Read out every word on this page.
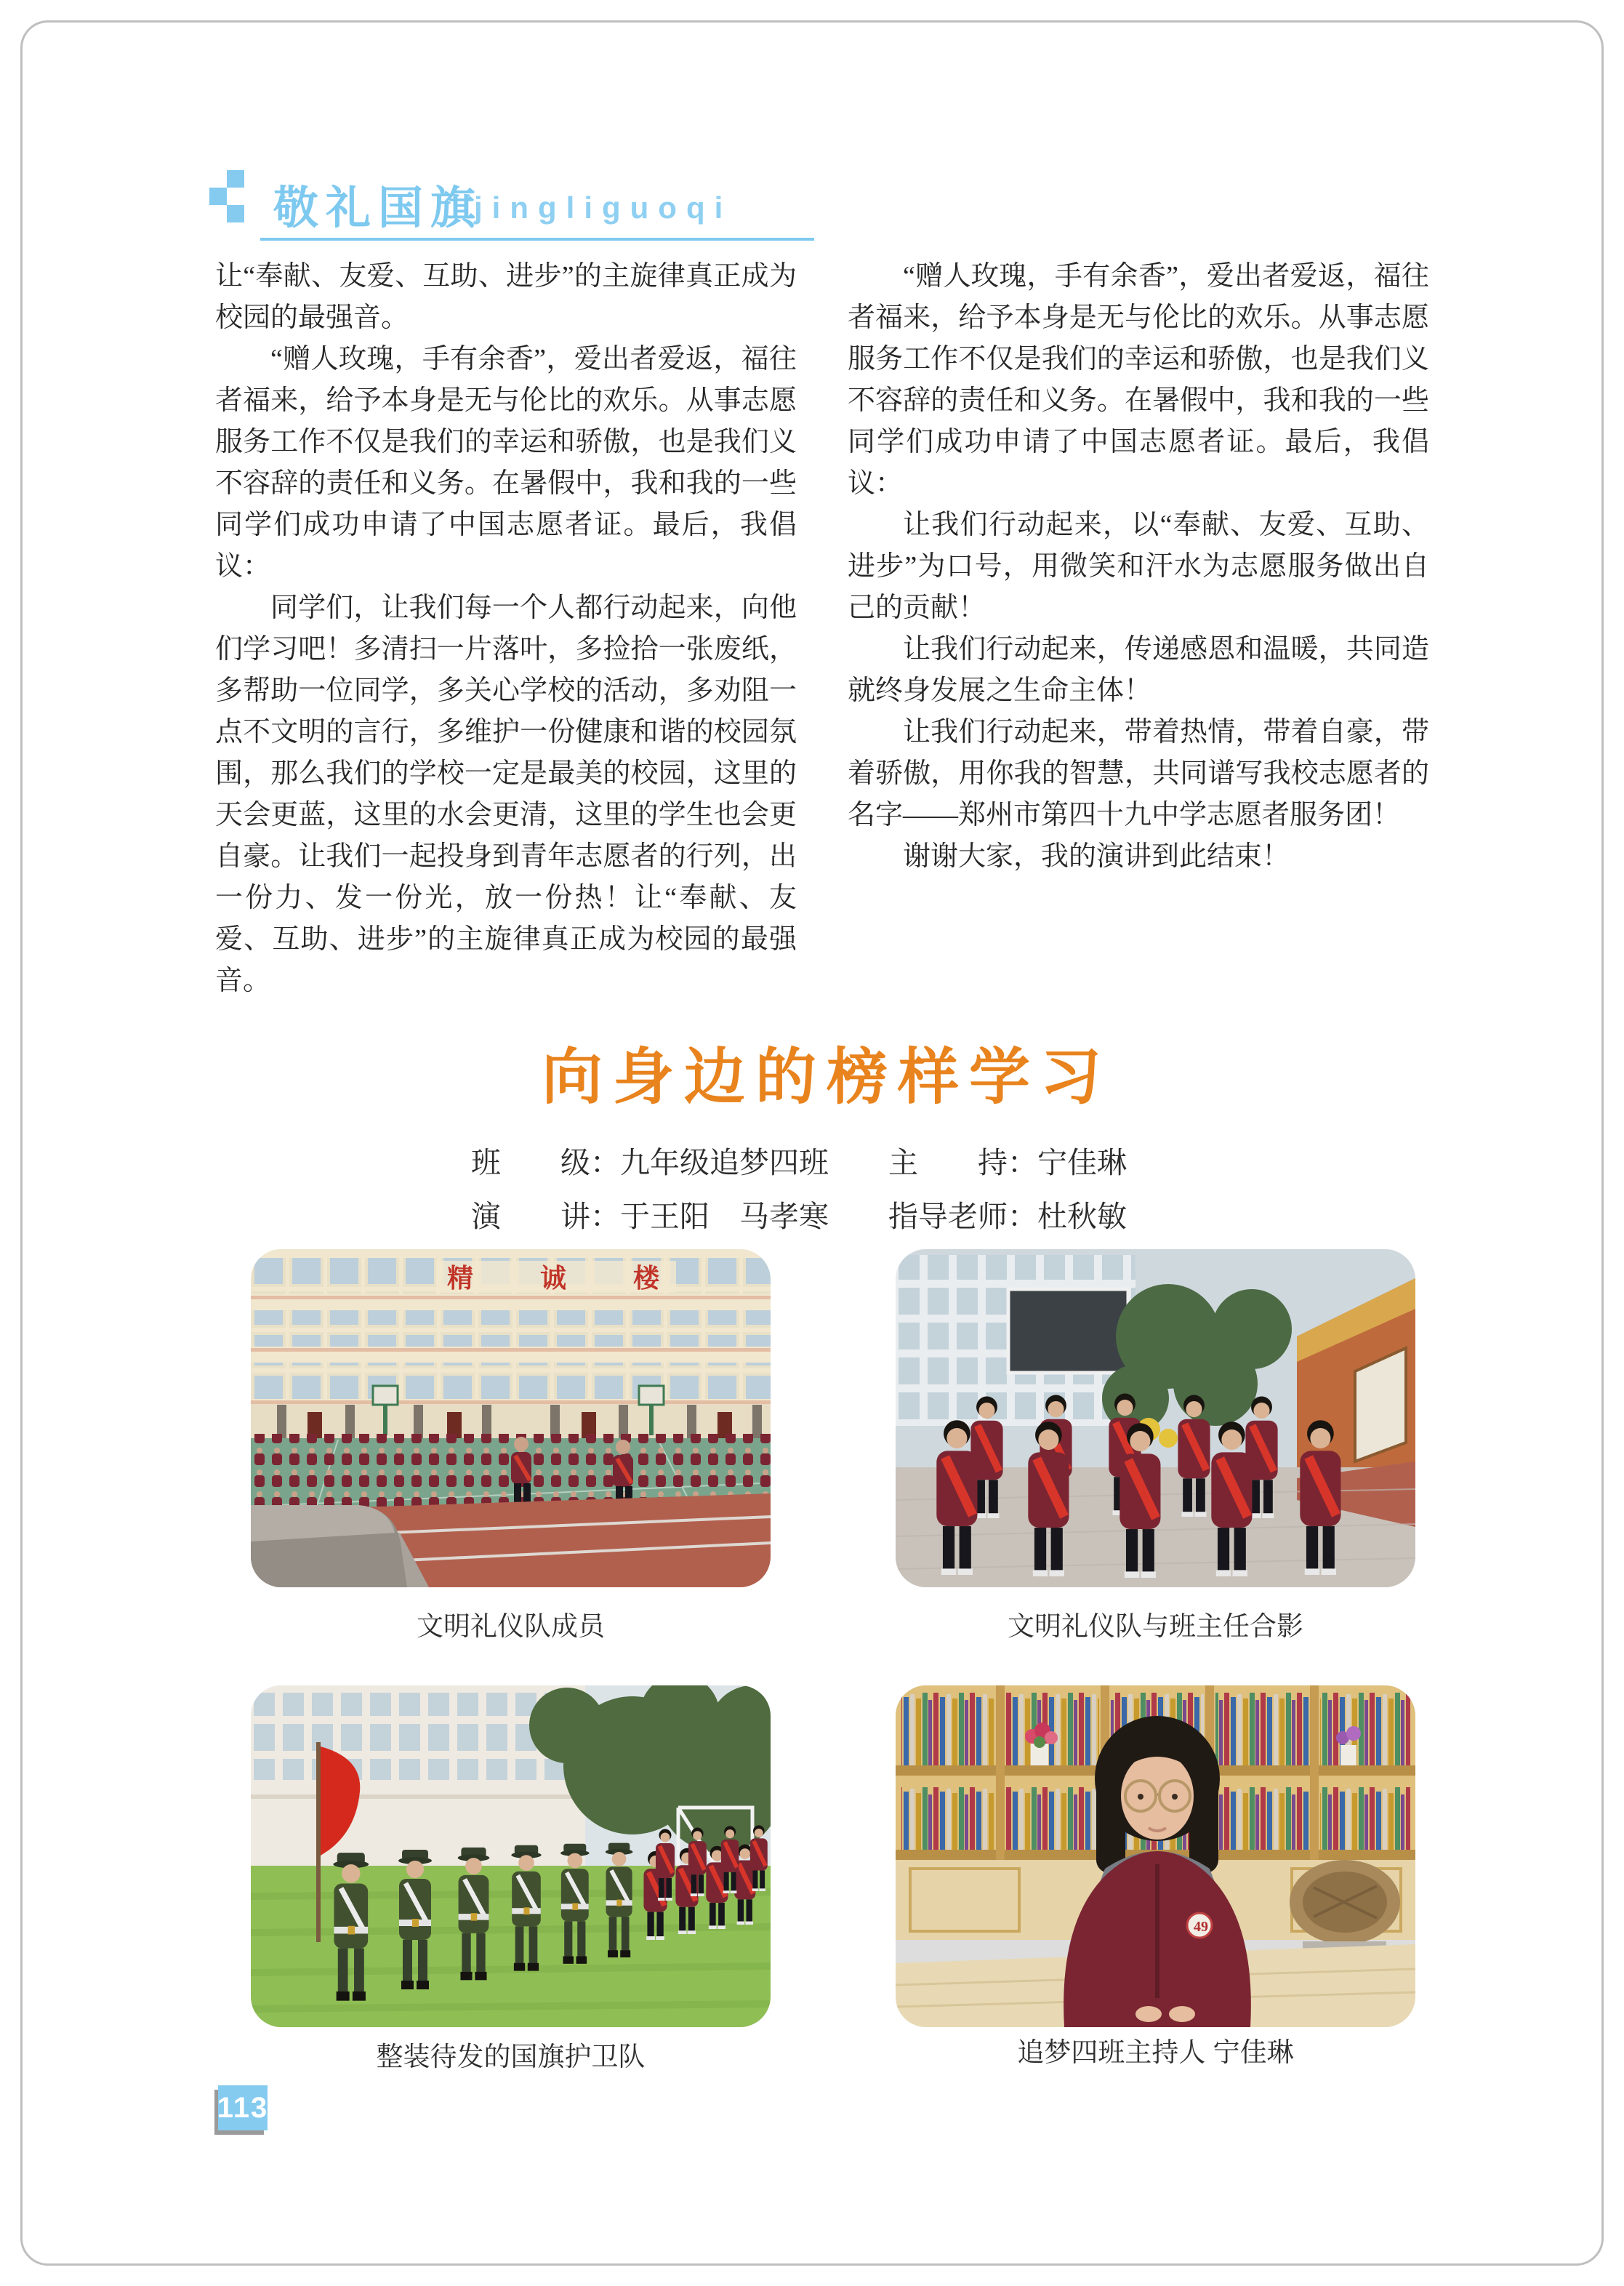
敬礼国旗
jingliguoqi

让“奉献、友爱、互助、进步”的主旋律真正成为校园的最强音。

“赠人玫瑰，手有余香”，爱出者爱返，福往者福来，给予本身是无与伦比的欢乐。从事志愿服务工作不仅是我们的幸运和骄傲，也是我们义不容辞的责任和义务。在暑假中，我和我的一些同学们成功申请了中国志愿者证。最后，我倡议：

同学们，让我们每一个人都行动起来，向他们学习吧！多清扫一片落叶，多捡拾一张废纸，多帮助一位同学，多关心学校的活动，多劝阻一点不文明的言行，多维护一份健康和谐的校园氛围，那么我们的学校一定是最美的校园，这里的天会更蓝，这里的水会更清，这里的学生也会更自豪。让我们一起投身到青年志愿者的行列，出一份力、发一份光，放一份热！让“奉献、友爱、互助、进步”的主旋律真正成为校园的最强音。

“赠人玫瑰，手有余香”，爱出者爱返，福往者福来，给予本身是无与伦比的欢乐。从事志愿服务工作不仅是我们的幸运和骄傲，也是我们义不容辞的责任和义务。在暑假中，我和我的一些同学们成功申请了中国志愿者证。最后，我倡议：

让我们行动起来，以“奉献、友爱、互助、进步”为口号，用微笑和汗水为志愿服务做出自己的贡献！

让我们行动起来，传递感恩和温暖，共同造就终身发展之生命主体！

让我们行动起来，带着热情，带着自豪，带着骄傲，用你我的智慧，共同谱写我校志愿者的名字——郑州市第四十九中学志愿者服务团！

谢谢大家，我的演讲到此结束！

向身边的榜样学习
班　　级：九年级追梦四班　　主　　持：宁佳琳
演　　讲：于王阳　马孝寒　　指导老师：杜秋敏
精诚楼
49
文明礼仪队成员	文明礼仪队与班主任合影
整装待发的国旗护卫队	追梦四班主持人 宁佳琳
113
